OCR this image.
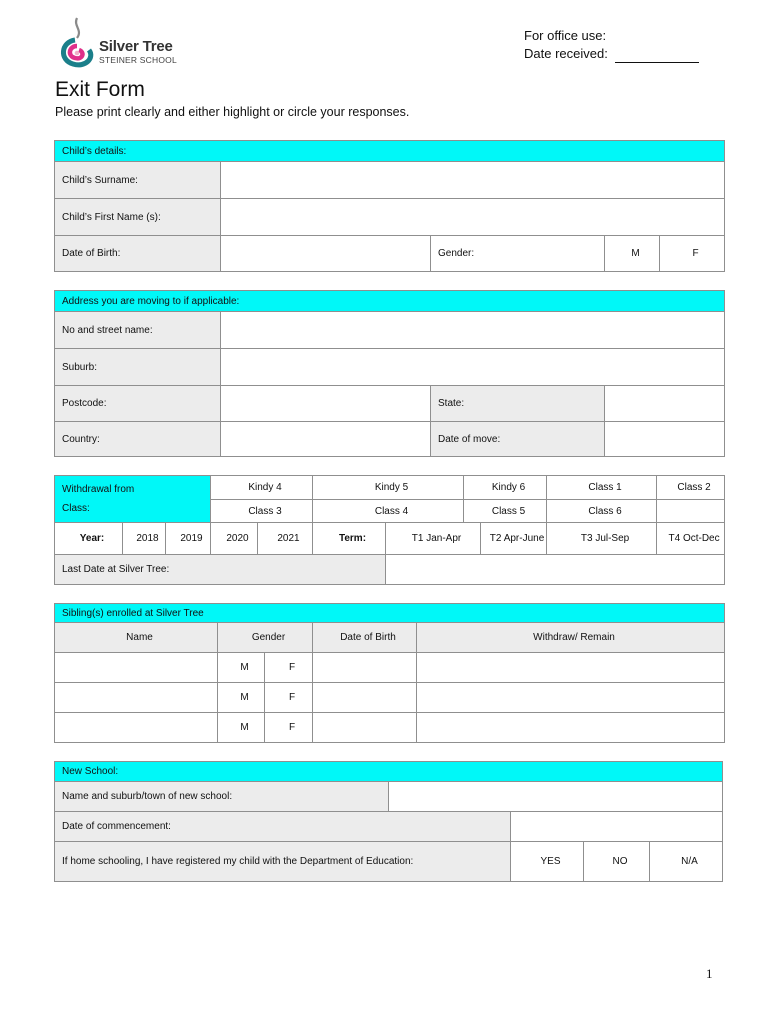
Silver Tree
STEINER SCHOOL
For office use:
Date received:
Exit Form
Please print clearly and either highlight or circle your responses.
Child’s details:				
Child’s Surname:				
Child’s First Name (s):				
Date of Birth:		Gender:	M	F
Address you are moving to if applicable:			
No and street name:			
Suburb:			
Postcode:		State:	
Country:		Date of move:	
Withdrawal from
Class:			Kindy 4		Kindy 5		Kindy 6		Class 1	Class 2
			Class 3		Class 4		Class 5		Class 6	
Year:	2018	2019	2020	2021	Term:	T1 Jan-Apr		T2 Apr-June	T3 Jul-Sep	T4 Oct-Dec
Last Date at Silver Tree:										
Sibling(s) enrolled at Silver Tree				
Name	Gender		Date of Birth	Withdraw/ Remain
	M	F		
	M	F		
	M	F		
New School:				
Name and suburb/town of new school:				
Date of commencement:				
If home schooling, I have registered my child with the Department of Education:		YES	NO	N/A
1
